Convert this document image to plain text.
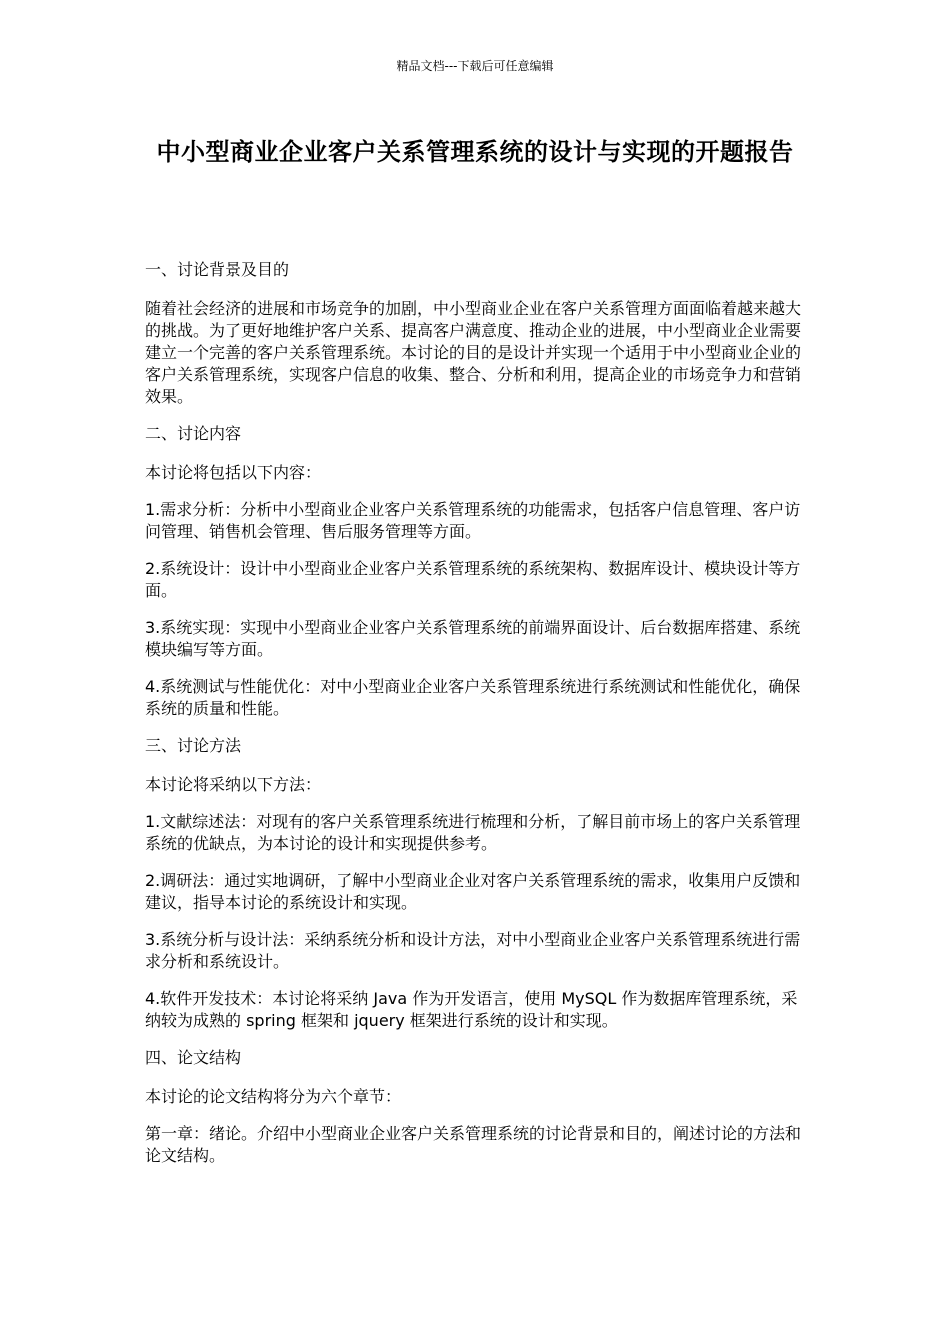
精品文档---下载后可任意编辑
中小型商业企业客户关系管理系统的设计与实现的开题报告

一、讨论背景及目的

随着社会经济的进展和市场竞争的加剧，中小型商业企业在客户关系管理方面面临着越来越大的挑战。为了更好地维护客户关系、提高客户满意度、推动企业的进展，中小型商业企业需要建立一个完善的客户关系管理系统。本讨论的目的是设计并实现一个适用于中小型商业企业的客户关系管理系统，实现客户信息的收集、整合、分析和利用，提高企业的市场竞争力和营销效果。

二、讨论内容

本讨论将包括以下内容：

1.需求分析：分析中小型商业企业客户关系管理系统的功能需求，包括客户信息管理、客户访问管理、销售机会管理、售后服务管理等方面。

2.系统设计：设计中小型商业企业客户关系管理系统的系统架构、数据库设计、模块设计等方面。

3.系统实现：实现中小型商业企业客户关系管理系统的前端界面设计、后台数据库搭建、系统模块编写等方面。

4.系统测试与性能优化：对中小型商业企业客户关系管理系统进行系统测试和性能优化，确保系统的质量和性能。

三、讨论方法

本讨论将采纳以下方法：

1.文献综述法：对现有的客户关系管理系统进行梳理和分析，了解目前市场上的客户关系管理系统的优缺点，为本讨论的设计和实现提供参考。

2.调研法：通过实地调研，了解中小型商业企业对客户关系管理系统的需求，收集用户反馈和建议，指导本讨论的系统设计和实现。

3.系统分析与设计法：采纳系统分析和设计方法，对中小型商业企业客户关系管理系统进行需求分析和系统设计。

4.软件开发技术：本讨论将采纳 Java 作为开发语言，使用 MySQL 作为数据库管理系统，采纳较为成熟的 spring 框架和 jquery 框架进行系统的设计和实现。

四、论文结构

本讨论的论文结构将分为六个章节：

第一章：绪论。介绍中小型商业企业客户关系管理系统的讨论背景和目的，阐述讨论的方法和论文结构。
